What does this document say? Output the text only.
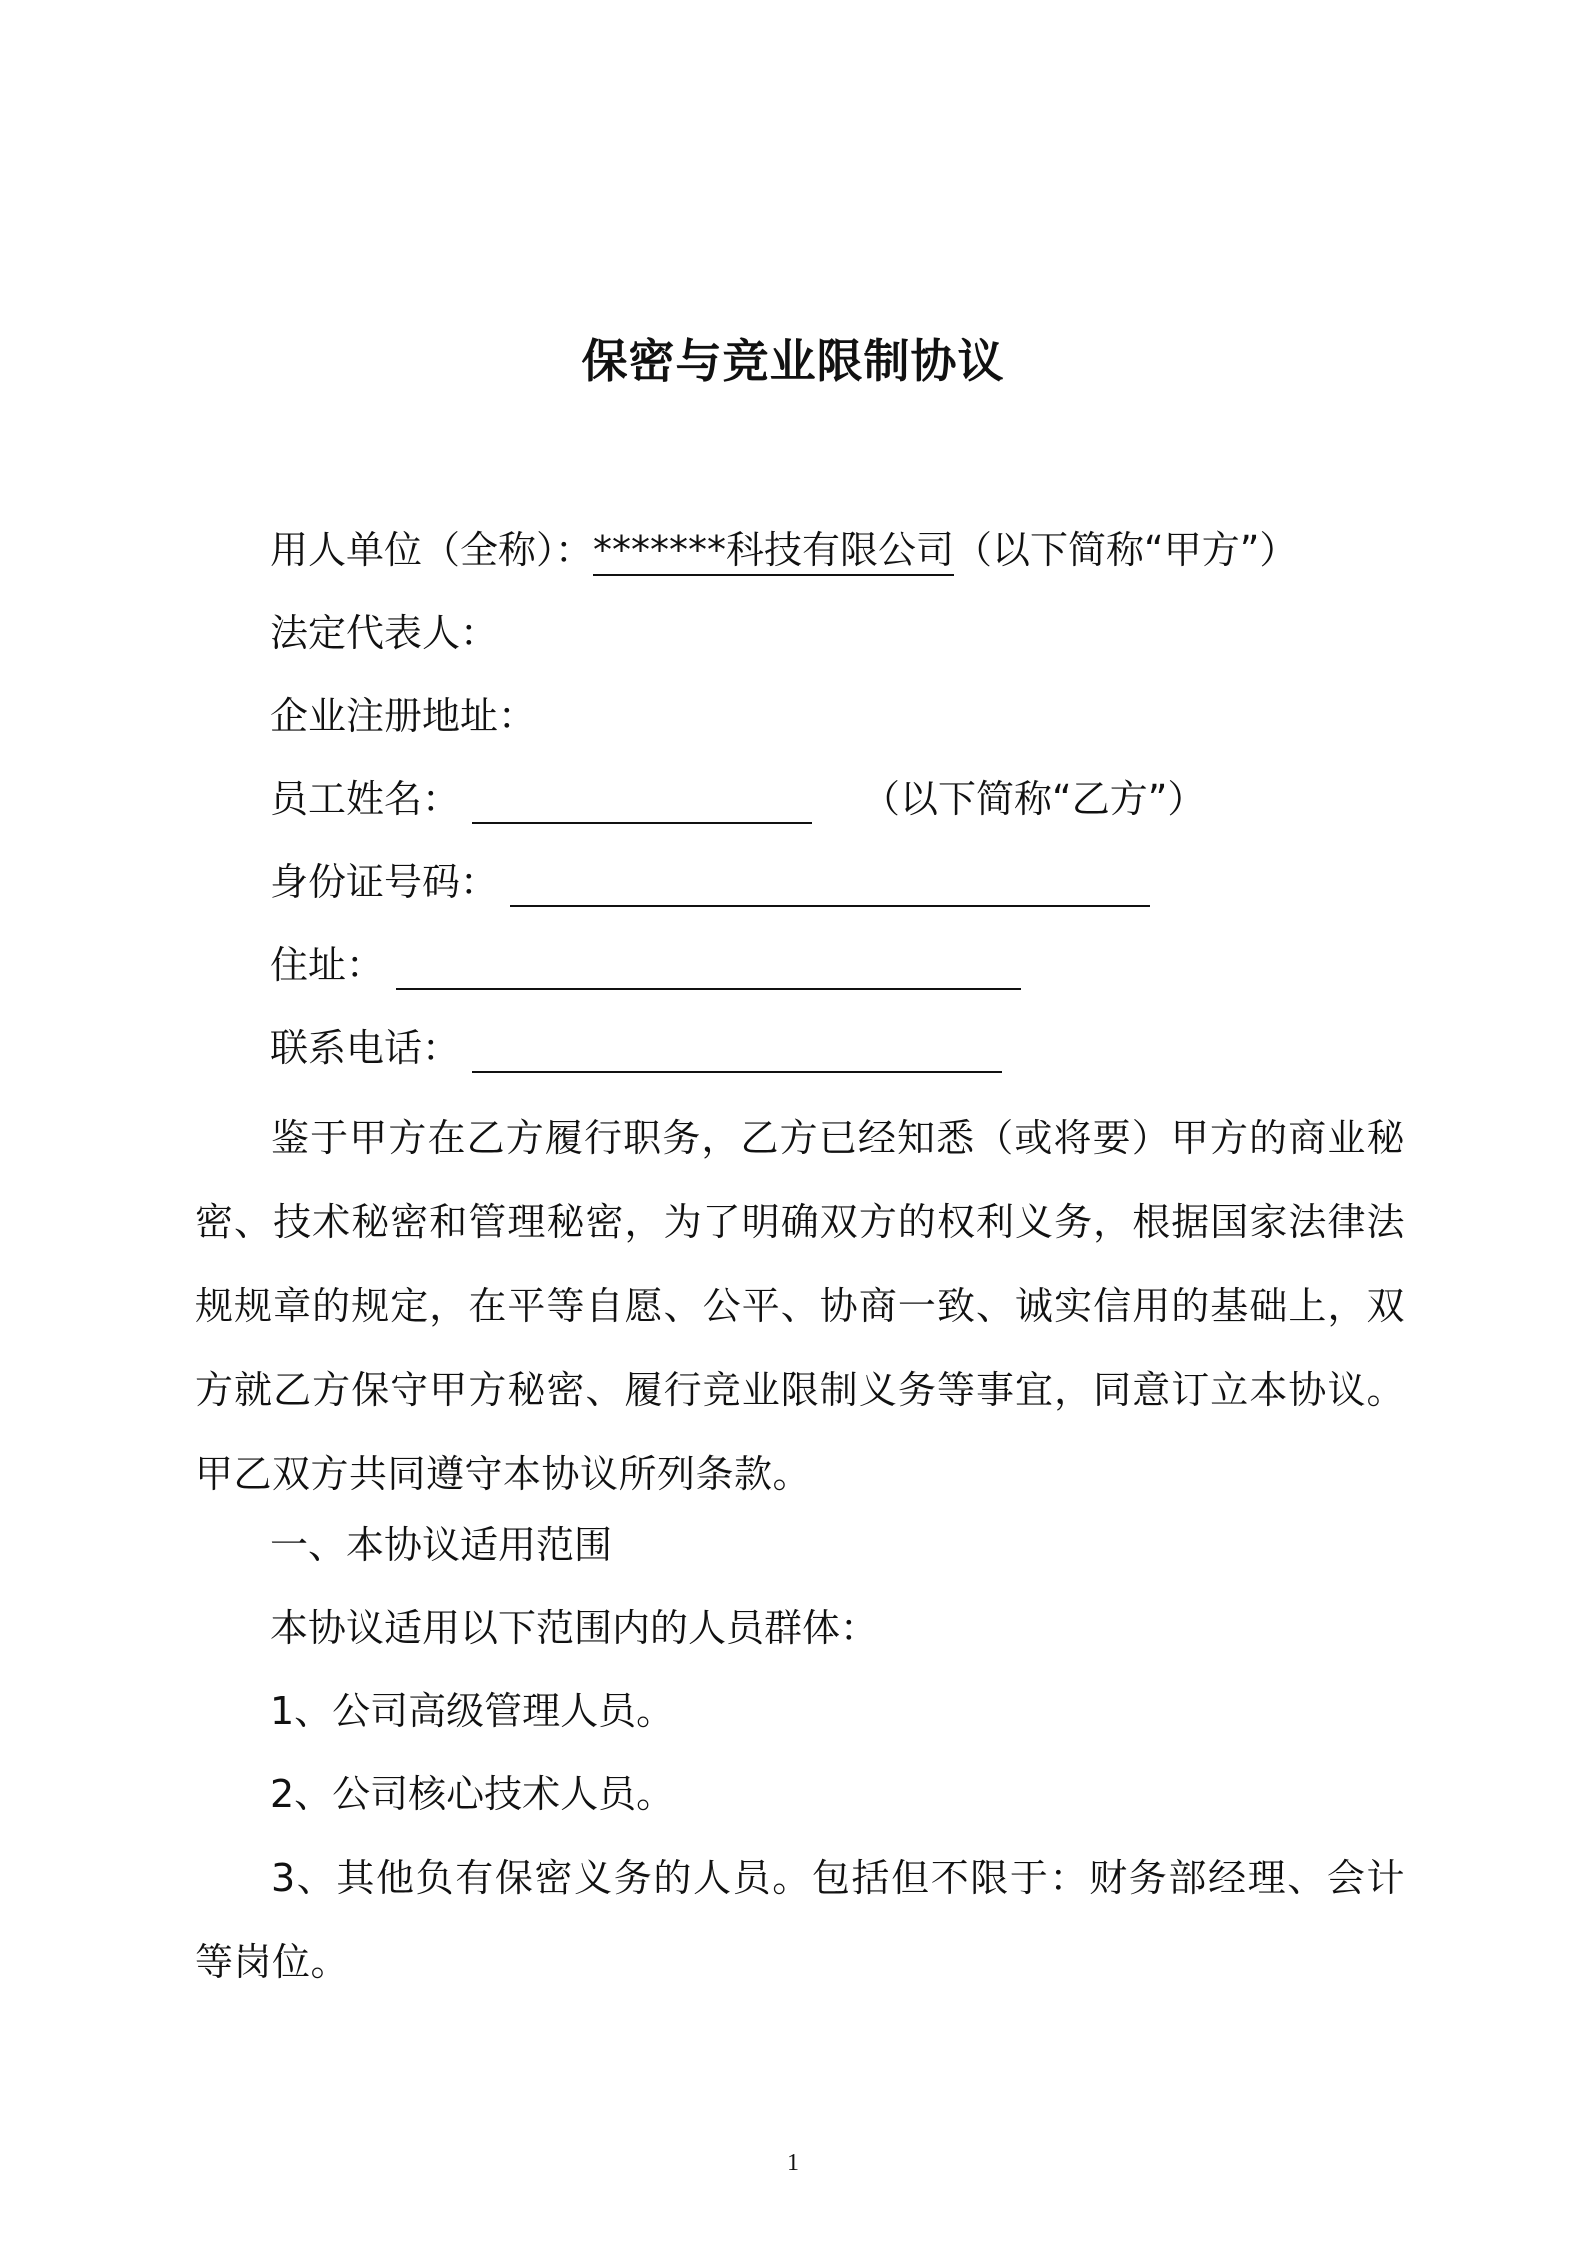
保密与竞业限制协议
用人单位（全称）：*******科技有限公司（以下简称“甲方”）
法定代表人：
企业注册地址：
员工姓名：	（以下简称“乙方”）
身份证号码：
住址：
联系电话：
鉴于甲方在乙方履行职务，乙方已经知悉（或将要）甲方的商业秘密、技术秘密和管理秘密，为了明确双方的权利义务，根据国家法律法规规章的规定，在平等自愿、公平、协商一致、诚实信用的基础上，双方就乙方保守甲方秘密、履行竞业限制义务等事宜，同意订立本协议。甲乙双方共同遵守本协议所列条款。
一、本协议适用范围
本协议适用以下范围内的人员群体：
1、公司高级管理人员。
2、公司核心技术人员。
3、其他负有保密义务的人员。包括但不限于：财务部经理、会计等岗位。
1
